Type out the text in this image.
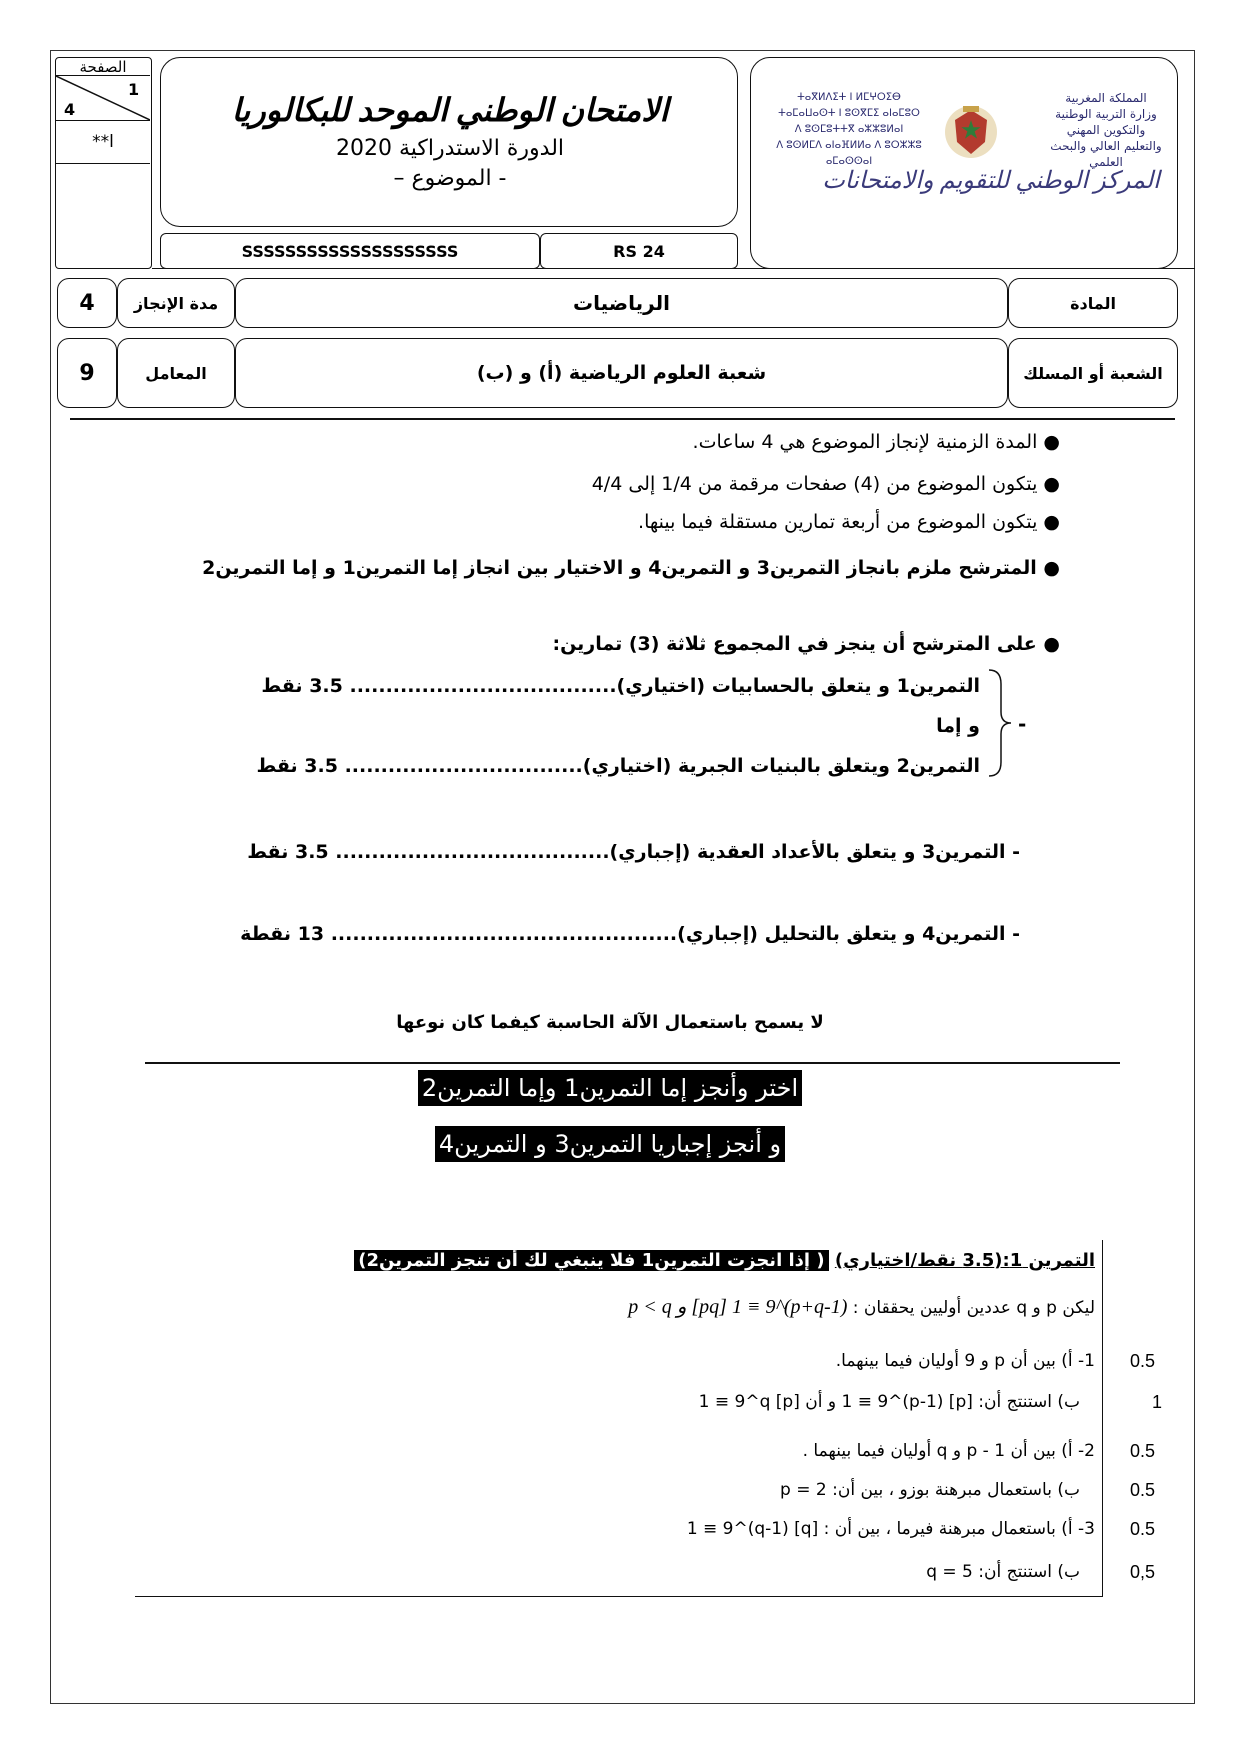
الصفحة
1
4
**ا
الامتحان الوطني الموحد للبكالوريا
الدورة الاستدراكية 2020
- الموضوع –
SSSSSSSSSSSSSSSSSSSS	RS 24
المملكة المغربية
وزارة التربية الوطنية
والتكوين المهني
والتعليم العالي والبحث العلمي
ⵜⴰⴳⵍⴷⵉⵜ ⵏ ⵍⵎⵖⵔⵉⴱ
ⵜⴰⵎⴰⵡⴰⵙⵜ ⵏ ⵓⵙⴳⵎⵉ ⴰⵏⴰⵎⵓⵔ
ⴷ ⵓⵙⵎⵓⵜⵜⴳ ⴰⵣⵣⵓⵍⴰⵏ
ⴷ ⵓⵙⵍⵎⴷ ⴰⵏⴰⴼⵍⵍⴰ ⴷ ⵓⵔⵣⵣⵓ ⴰⵎⴰⵙⵙⴰⵏ
المركز الوطني للتقويم والامتحانات
المادة
الرياضيات
مدة الإنجاز
4
الشعبة أو المسلك
شعبة العلوم الرياضية (أ) و (ب)
المعامل
9
● المدة الزمنية لإنجاز الموضوع هي 4 ساعات.
● يتكون الموضوع من (4) صفحات مرقمة من 1/4 إلى 4/4
● يتكون الموضوع من أربعة تمارين مستقلة فيما بينها.
● المترشح ملزم بانجاز التمرين3 و التمرين4 و الاختيار بين انجاز إما التمرين1 و إما التمرين2
● على المترشح أن ينجز في المجموع ثلاثة (3) تمارين:
التمرين1 و يتعلق بالحسابيات (اختياري)..................................... 3.5 نقط
و إما
التمرين2 ويتعلق بالبنيات الجبرية (اختياري)................................. 3.5 نقط
-
- التمرين3 و يتعلق بالأعداد العقدية (إجباري)...................................... 3.5 نقط
- التمرين4 و يتعلق بالتحليل (إجباري)................................................ 13 نقطة
لا يسمح باستعمال الآلة الحاسبة كيفما كان نوعها
اختر وأنجز إما التمرين1 وإما التمرين2
و أنجز إجباريا التمرين3 و التمرين4
التمرين 1:(3.5 نقط/اختياري) ( إذا انجزت التمرين1 فلا ينبغي لك أن تنجز التمرين2)
ليكن p و q عددين أوليين يحققان : p < q و [pq] 1 ≡ 9^(p+q-1)
0.5
1- أ) بين أن p و 9 أوليان فيما بينهما.
1
ب) استنتج أن: [p] 1 ≡ 9^(p-1) و أن [p] 1 ≡ 9^q
0.5
2- أ) بين أن 1 - p و q أوليان فيما بينهما .
0.5
ب) باستعمال مبرهنة بوزو ، بين أن: p = 2
0.5
3- أ) باستعمال مبرهنة فيرما ، بين أن : [q] 1 ≡ 9^(q-1)
0,5
ب) استنتج أن: q = 5
